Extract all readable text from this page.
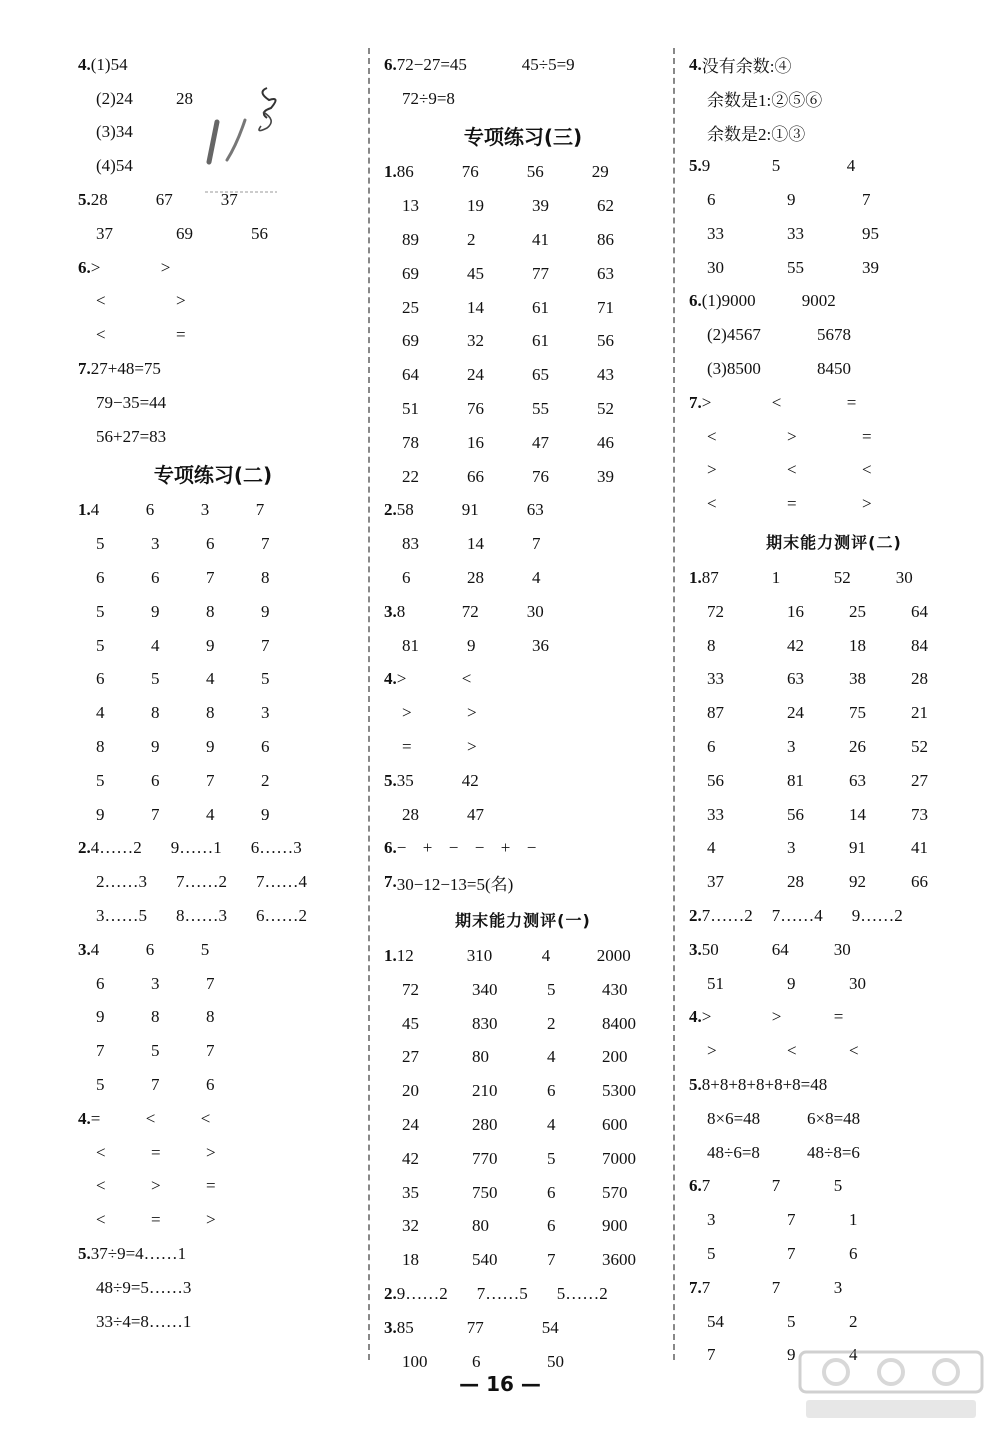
4. (1)54
(2)24	28
(3)34
(4)54
5. 28	67	37
37	69	56
6. >	>
<	>
<	=
7. 27+48=75
79−35=44
56+27=83
专项练习(二)
1. 4	6	3	7
5	3	6	7
6	6	7	8
5	9	8	9
5	4	9	7
6	5	4	5
4	8	8	3
8	9	9	6
5	6	7	2
9	7	4	9
2. 4……2	9……1	6……3
2……3	7……2	7……4
3……5	8……3	6……2
3. 4	6	5
6	3	7
9	8	8
7	5	7
5	7	6
4. =	<	<
<	=	>
<	>	=
<	=	>
5. 37÷9=4……1
48÷9=5……3
33÷4=8……1
6. 72−27=45	45÷5=9
72÷9=8
专项练习(三)
1. 86	76	56	29
13	19	39	62
89	2	41	86
69	45	77	63
25	14	61	71
69	32	61	56
64	24	65	43
51	76	55	52
78	16	47	46
22	66	76	39
2. 58	91	63
83	14	7
6	28	4
3. 8	72	30
81	9	36
4. >	<
>	>
=	>
5. 35	42
28	47
6. − + − − + −
7. 30−12−13=5(名)
期末能力测评(一)
1. 12	310	4	2000
72	340	5	430
45	830	2	8400
27	80	4	200
20	210	6	5300
24	280	4	600
42	770	5	7000
35	750	6	570
32	80	6	900
18	540	7	3600
2. 9……2	7……5	5……2
3. 85	77	54
100	6	50
4. 没有余数:④
余数是1:②⑤⑥
余数是2:①③
5. 9	5	4
6	9	7
33	33	95
30	55	39
6. (1)9000	9002
(2)4567	5678
(3)8500	8450
7. >	<	=
<	>	=
>	<	<
<	=	>
期末能力测评(二)
1. 87	1	52	30
72	16	25	64
8	42	18	84
33	63	38	28
87	24	75	21
6	3	26	52
56	81	63	27
33	56	14	73
4	3	91	41
37	28	92	66
2. 7……2	7……4	9……2
3. 50	64	30
51	9	30
4. >	>	=
>	<	<
5. 8+8+8+8+8+8=48
8×6=48	6×8=48
48÷6=8	48÷8=6
6. 7	7	5
3	7	1
5	7	6
7. 7	7	3
54	5	2
7	9	4
— 16 —
